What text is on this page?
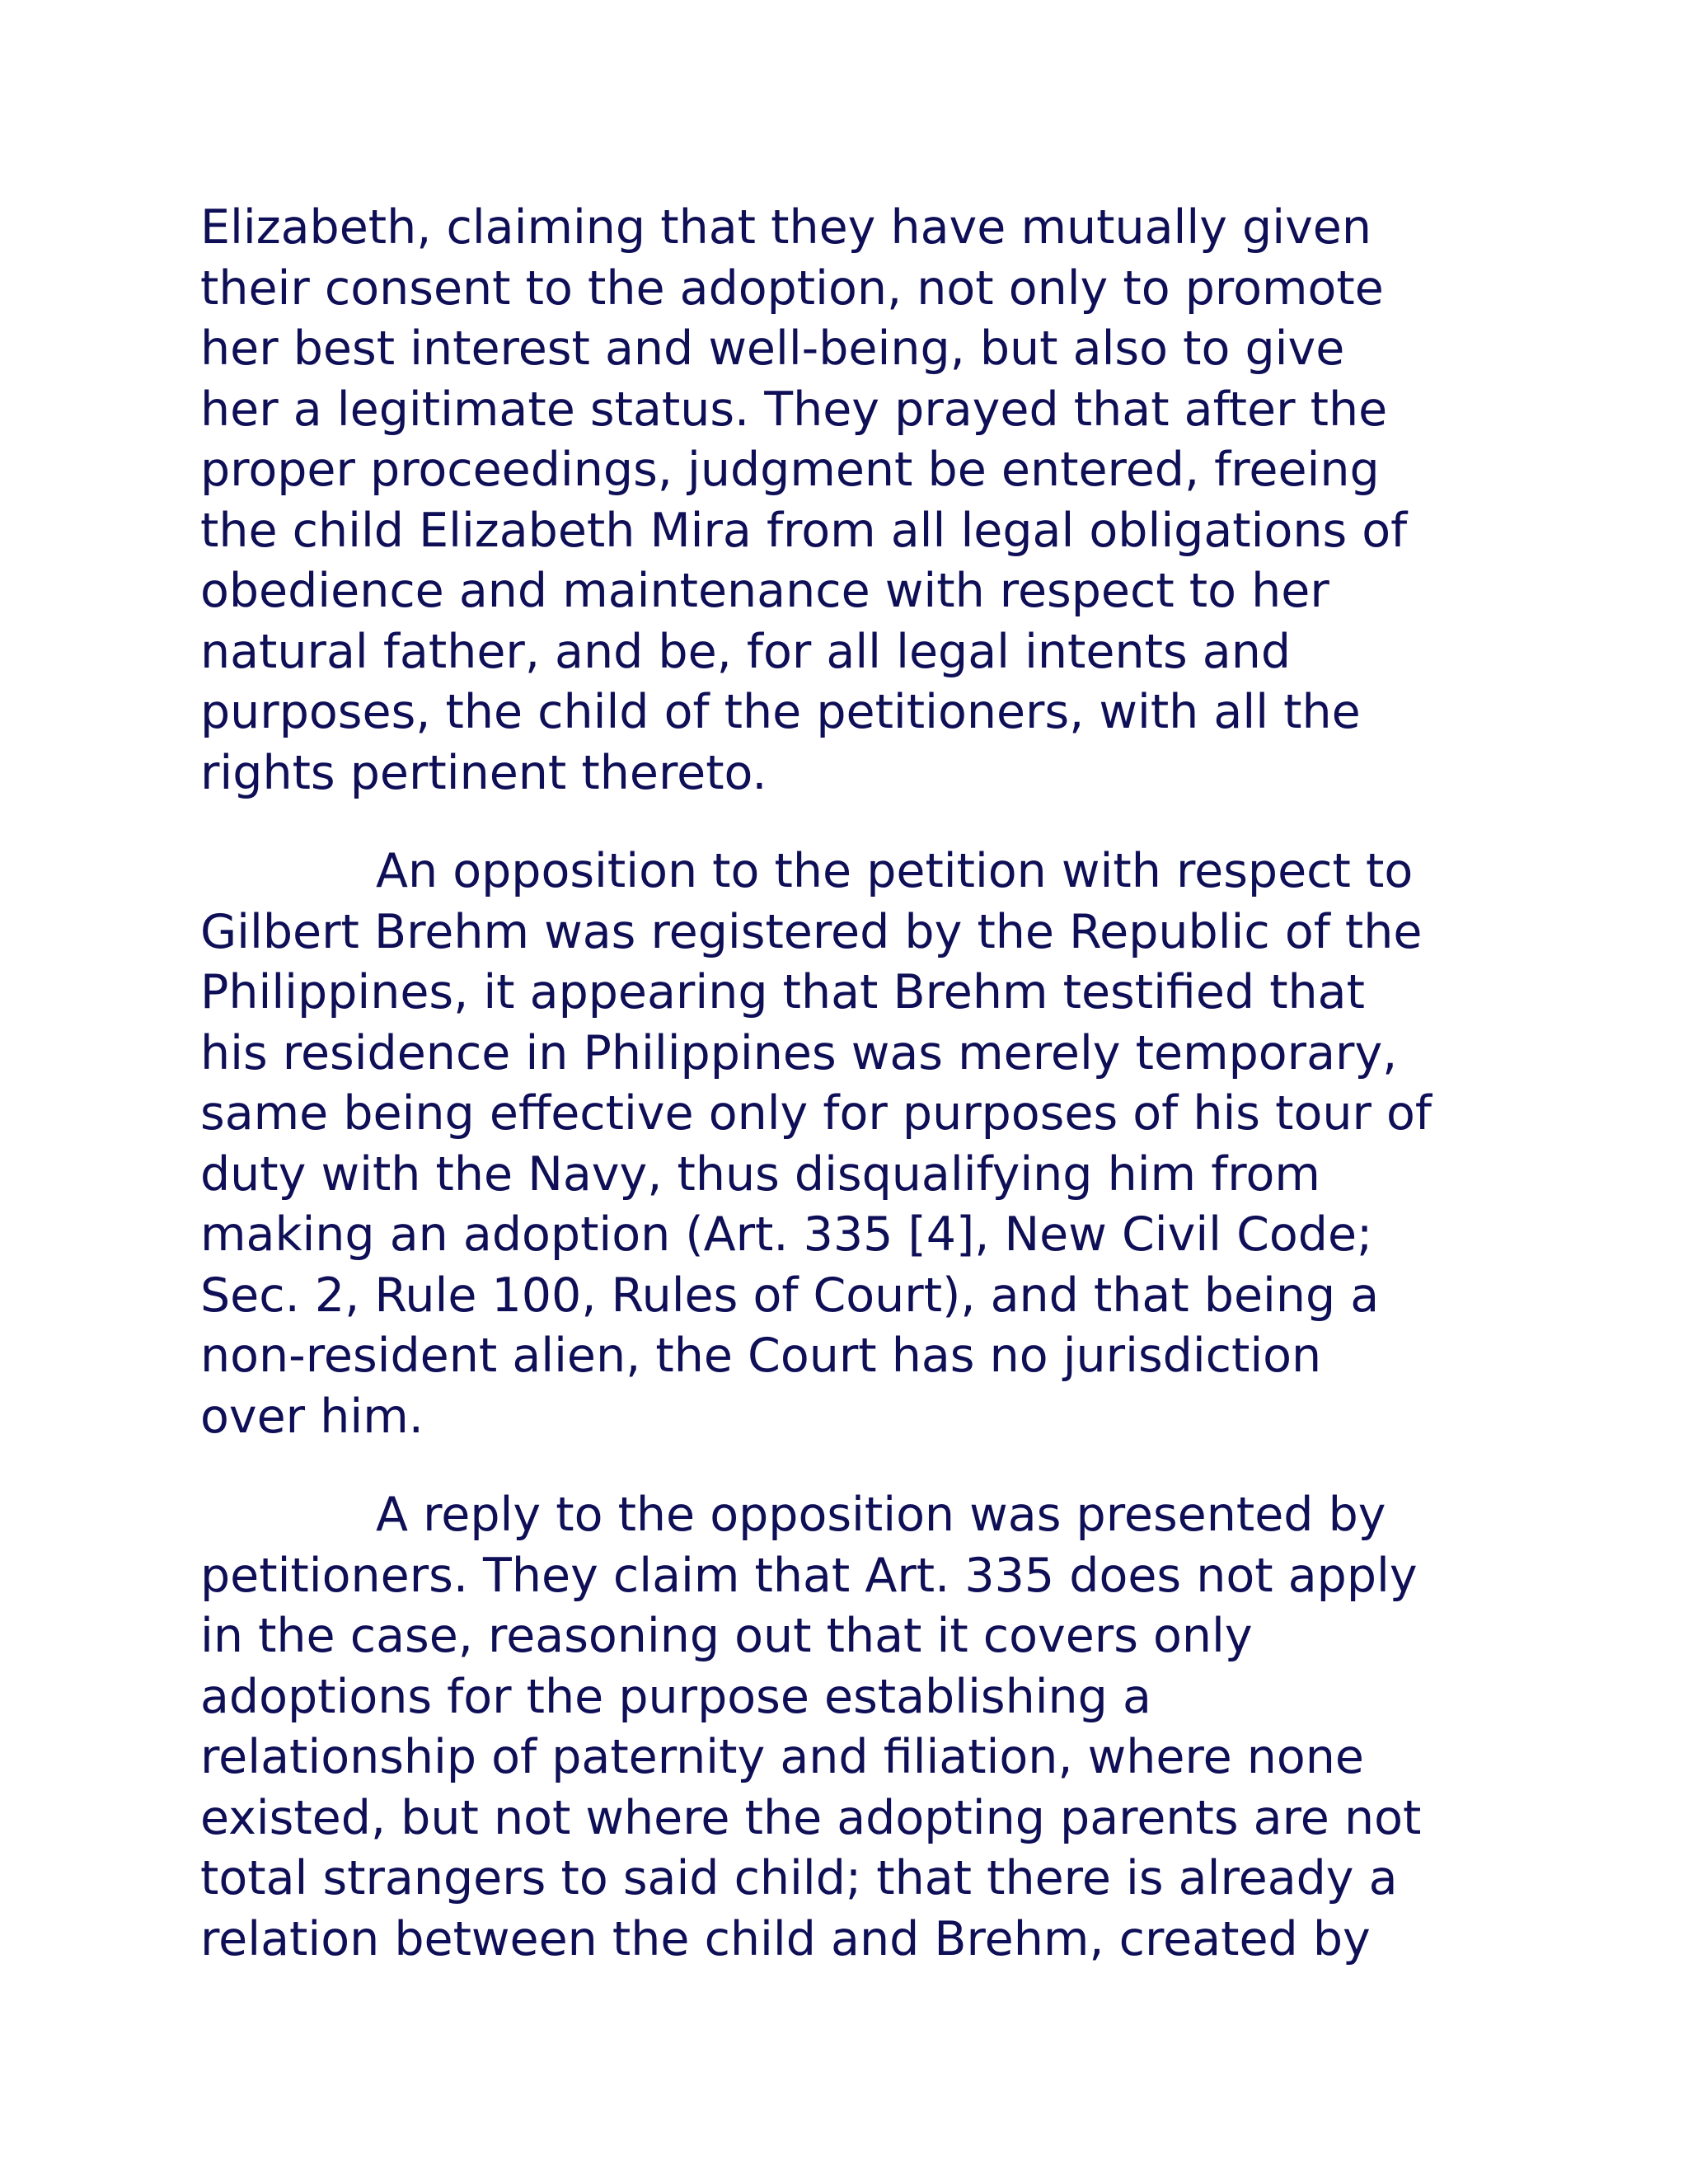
Elizabeth, claiming that they have mutually given
their consent to the adoption, not only to promote
her best interest and well-being, but also to give
her a legitimate status. They prayed that after the
proper proceedings, judgment be entered, freeing
the child Elizabeth Mira from all legal obligations of
obedience and maintenance with respect to her
natural father, and be, for all legal intents and
purposes, the child of the petitioners, with all the
rights pertinent thereto.
An opposition to the petition with respect to
Gilbert Brehm was registered by the Republic of the
Philippines, it appearing that Brehm testified that
his residence in Philippines was merely temporary,
same being effective only for purposes of his tour of
duty with the Navy, thus disqualifying him from
making an adoption (Art. 335 [4], New Civil Code;
Sec. 2, Rule 100, Rules of Court), and that being a
non-resident alien, the Court has no jurisdiction
over him.
A reply to the opposition was presented by
petitioners. They claim that Art. 335 does not apply
in the case, reasoning out that it covers only
adoptions for the purpose establishing a
relationship of paternity and filiation, where none
existed, but not where the adopting parents are not
total strangers to said child; that there is already a
relation between the child and Brehm, created by
